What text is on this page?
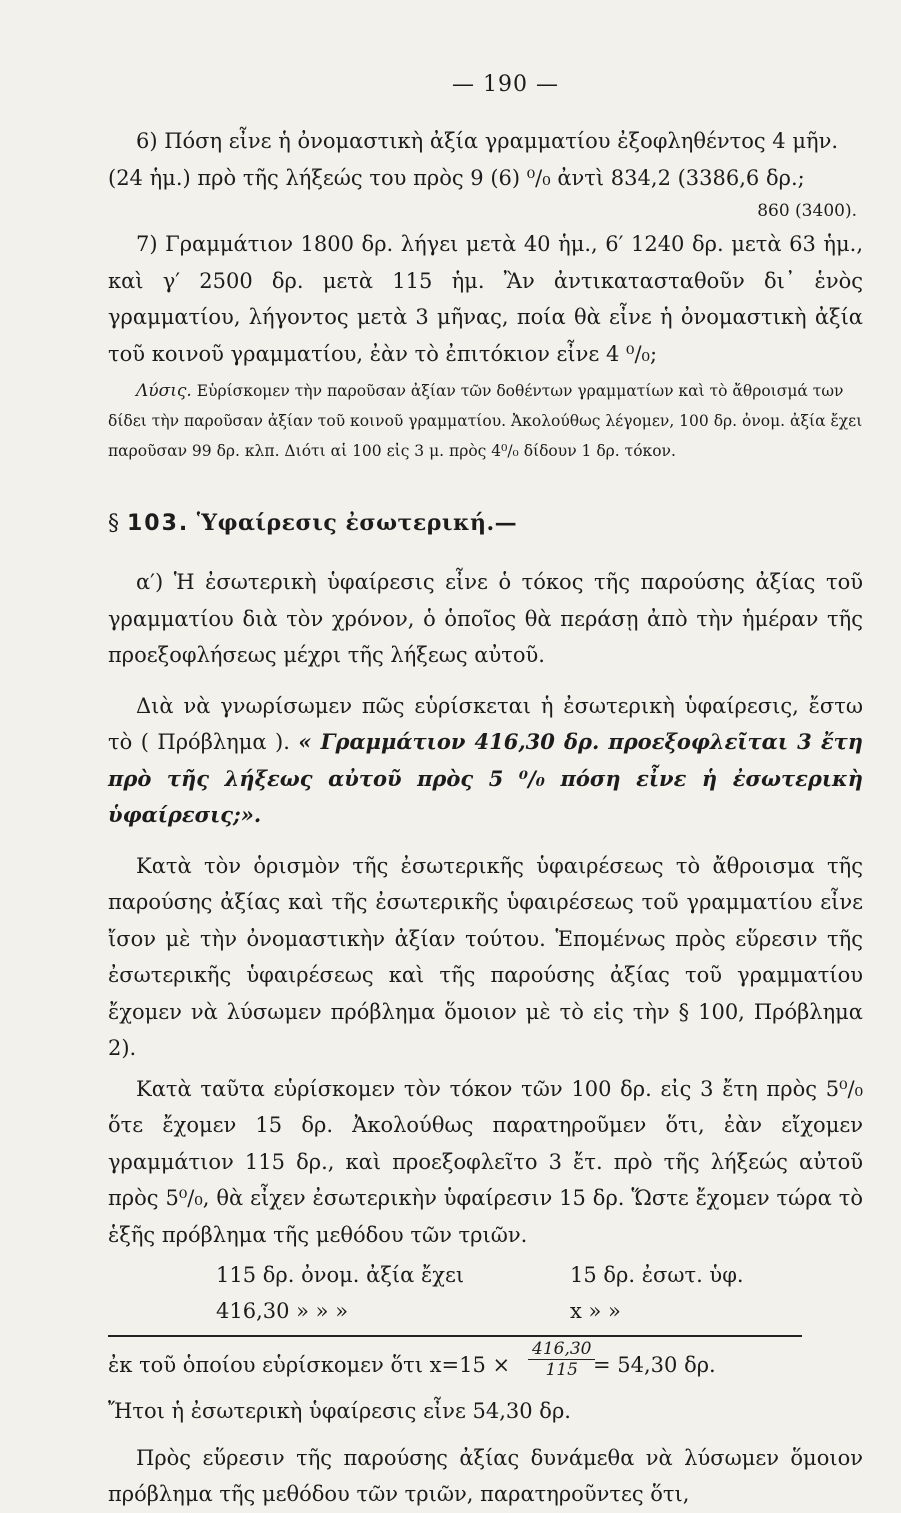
— 190 —

6) Πόση εἶνε ἡ ὀνομαστικὴ ἀξία γραμματίου ἐξοφληθέντος 4 μῆν.

(24 ἡμ.) πρὸ τῆς λήξεώς του πρὸς 9 (6) ⁰/₀ ἀντὶ 834,2 (3386,6 δρ.;

860 (3400).

7) Γραμμάτιον 1800 δρ. λήγει μετὰ 40 ἡμ., 6′ 1240 δρ. μετὰ 63 ἡμ., καὶ γ′ 2500 δρ. μετὰ 115 ἡμ. Ἂν ἀντικατασταθοῦν δι᾽ ἑνὸς γραμματίου, λήγοντος μετὰ 3 μῆνας, ποία θὰ εἶνε ἡ ὀνομαστικὴ ἀξία τοῦ κοινοῦ γραμματίου, ἐὰν τὸ ἐπιτόκιον εἶνε 4 ⁰/₀;

Λύσις. Εὑρίσκομεν τὴν παροῦσαν ἀξίαν τῶν δοθέντων γραμματίων καὶ τὸ ἄθροισμά των δίδει τὴν παροῦσαν ἀξίαν τοῦ κοινοῦ γραμματίου. Ἀκολούθως λέγομεν, 100 δρ. ὀνομ. ἀξία ἔχει παροῦσαν 99 δρ. κλπ. Διότι αἱ 100 εἰς 3 μ. πρὸς 4⁰/₀ δίδουν 1 δρ. τόκον.

§ 103. Ὑφαίρεσις ἐσωτερική.—

α′) Ἡ ἐσωτερικὴ ὑφαίρεσις εἶνε ὁ τόκος τῆς παρούσης ἀξίας τοῦ γραμματίου διὰ τὸν χρόνον, ὁ ὁποῖος θὰ περάσῃ ἀπὸ τὴν ἡμέραν τῆς προεξοφλήσεως μέχρι τῆς λήξεως αὐτοῦ.

Διὰ νὰ γνωρίσωμεν πῶς εὑρίσκεται ἡ ἐσωτερικὴ ὑφαίρεσις, ἔστω τὸ ( Πρόβλημα ). « Γραμμάτιον 416,30 δρ. προεξοφλεῖται 3 ἔτη πρὸ τῆς λήξεως αὐτοῦ πρὸς 5 ⁰/₀ πόση εἶνε ἡ ἐσωτερικὴ ὑφαίρεσις;».

Κατὰ τὸν ὁρισμὸν τῆς ἐσωτερικῆς ὑφαιρέσεως τὸ ἄθροισμα τῆς παρούσης ἀξίας καὶ τῆς ἐσωτερικῆς ὑφαιρέσεως τοῦ γραμματίου εἶνε ἴσον μὲ τὴν ὀνομαστικὴν ἀξίαν τούτου. Ἑπομένως πρὸς εὕρεσιν τῆς ἐσωτερικῆς ὑφαιρέσεως καὶ τῆς παρούσης ἀξίας τοῦ γραμματίου ἔχομεν νὰ λύσωμεν πρόβλημα ὅμοιον μὲ τὸ εἰς τὴν § 100, Πρόβλημα 2).

Κατὰ ταῦτα εὑρίσκομεν τὸν τόκον τῶν 100 δρ. εἰς 3 ἔτη πρὸς 5⁰/₀ ὅτε ἔχομεν 15 δρ. Ἀκολούθως παρατηροῦμεν ὅτι, ἐὰν εἴχομεν γραμμάτιον 115 δρ., καὶ προεξοφλεῖτο 3 ἔτ. πρὸ τῆς λήξεώς αὐτοῦ πρὸς 5⁰/₀, θὰ εἶχεν ἐσωτερικὴν ὑφαίρεσιν 15 δρ. Ὥστε ἔχομεν τώρα τὸ ἑξῆς πρόβλημα τῆς μεθόδου τῶν τριῶν.

115 δρ. ὀνομ. ἀξία ἔχει	15 δρ. ἐσωτ. ὑφ.
416,30 » » »	x » »
ἐκ τοῦ ὁποίου εὑρίσκομεν ὅτι $x=15 \times \frac{416,30}{115}$
= 54,30 δρ.

Ἤτοι ἡ ἐσωτερικὴ ὑφαίρεσις εἶνε 54,30 δρ.

Πρὸς εὕρεσιν τῆς παρούσης ἀξίας δυνάμεθα νὰ λύσωμεν ὅμοιον πρόβλημα τῆς μεθόδου τῶν τριῶν, παρατηροῦντες ὅτι,
